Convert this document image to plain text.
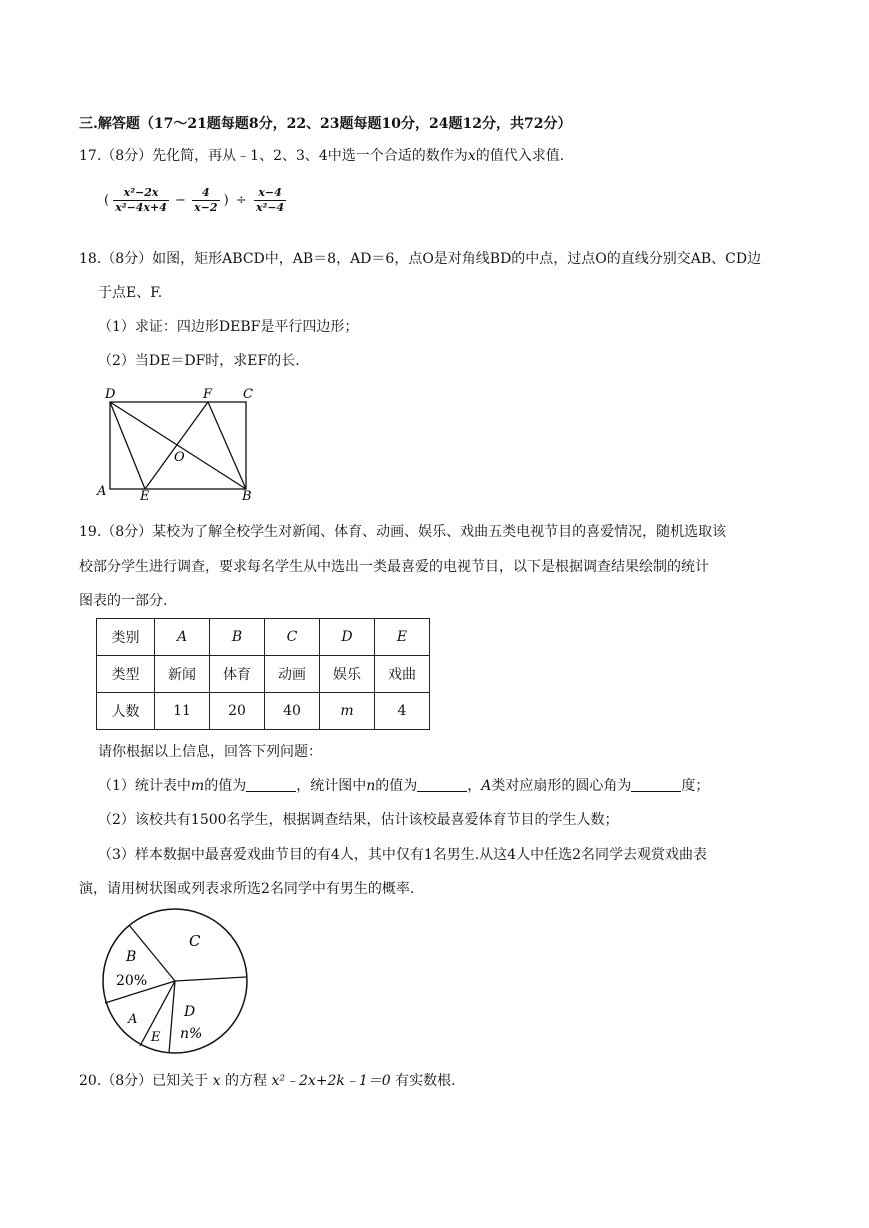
三.解答题（17～21题每题8分，22、23题每题10分，24题12分，共72分）
17.（8分）先化简，再从﹣1、2、3、4中选一个合适的数作为x的值代入求值.
( $\frac{\text{x²−2x}}{\text{x²−4x+4}} - \frac{4}{x-2}$ ) ÷ $\frac{x-4}{\text{x²−4}}$
18.（8分）如图，矩形ABCD中，AB＝8，AD＝6，点O是对角线BD的中点，过点O的直线分别交AB、CD边
于点E、F.
（1）求证：四边形DEBF是平行四边形；
（2）当DE＝DF时，求EF的长.
D	F C
O
A	E	B
19.（8分）某校为了解全校学生对新闻、体育、动画、娱乐、戏曲五类电视节目的喜爱情况，随机选取该
校部分学生进行调查，要求每名学生从中选出一类最喜爱的电视节目，以下是根据调查结果绘制的统计
图表的一部分.
类别	A	B	C	D	E
类型	新闻	体育	动画	娱乐	戏曲
人数	11	20	40	m	4
请你根据以上信息，回答下列问题：
（1）统计表中m的值为	，统计图中n的值为	，A类对应扇形的圆心角为	度；
（2）该校共有1500名学生，根据调查结果，估计该校最喜爱体育节目的学生人数；
（3）样本数据中最喜爱戏曲节目的有4人，其中仅有1名男生.从这4人中任选2名同学去观赏戏曲表
演，请用树状图或列表求所选2名同学中有男生的概率.
C
B
20%
A
E
D
n%
20.（8分）已知关于 x 的方程 x²﹣2x+2k﹣1＝0 有实数根.
